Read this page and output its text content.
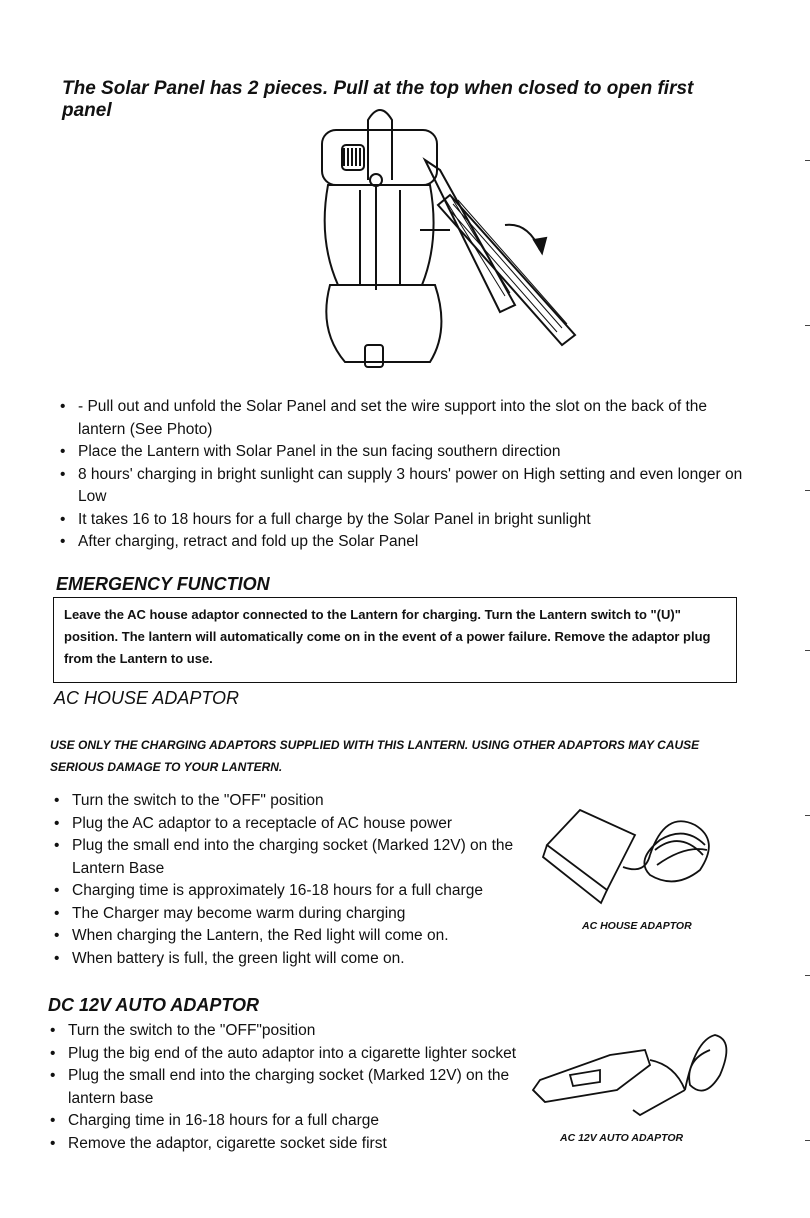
The Solar Panel has 2 pieces. Pull at the top when closed to open first panel
• - Pull out and unfold the Solar Panel and set the wire support into the slot on the back of the lantern (See Photo)
• Place the Lantern with Solar Panel in the sun facing southern direction
• 8 hours' charging in bright sunlight can supply 3 hours' power on High setting and even longer on Low
• It takes 16 to 18 hours for a full charge by the Solar Panel in bright sunlight
• After charging, retract and fold up the Solar Panel
EMERGENCY FUNCTION
Leave the AC house adaptor connected to the Lantern for charging. Turn the Lantern switch to "(U)" position. The lantern will automatically come on in the event of a power failure. Remove the adaptor plug from the Lantern to use.
AC HOUSE ADAPTOR
USE ONLY THE CHARGING ADAPTORS SUPPLIED WITH THIS LANTERN. USING OTHER ADAPTORS MAY CAUSE SERIOUS DAMAGE TO YOUR LANTERN.
• Turn the switch to the "OFF" position
• Plug the AC adaptor to a receptacle of AC house power
• Plug the small end into the charging socket (Marked 12V) on the Lantern Base
• Charging time is approximately 16-18 hours for a full charge
• The Charger may become warm during charging
• When charging the Lantern, the Red light will come on.
• When battery is full, the green light will come on.
AC HOUSE ADAPTOR
DC 12V AUTO ADAPTOR
• Turn the switch to the "OFF"position
• Plug the big end of the auto adaptor into a cigarette lighter socket
• Plug the small end into the charging socket (Marked 12V) on the lantern base
• Charging time in 16-18 hours for a full charge
• Remove the adaptor, cigarette socket side first	AC 12V AUTO ADAPTOR
